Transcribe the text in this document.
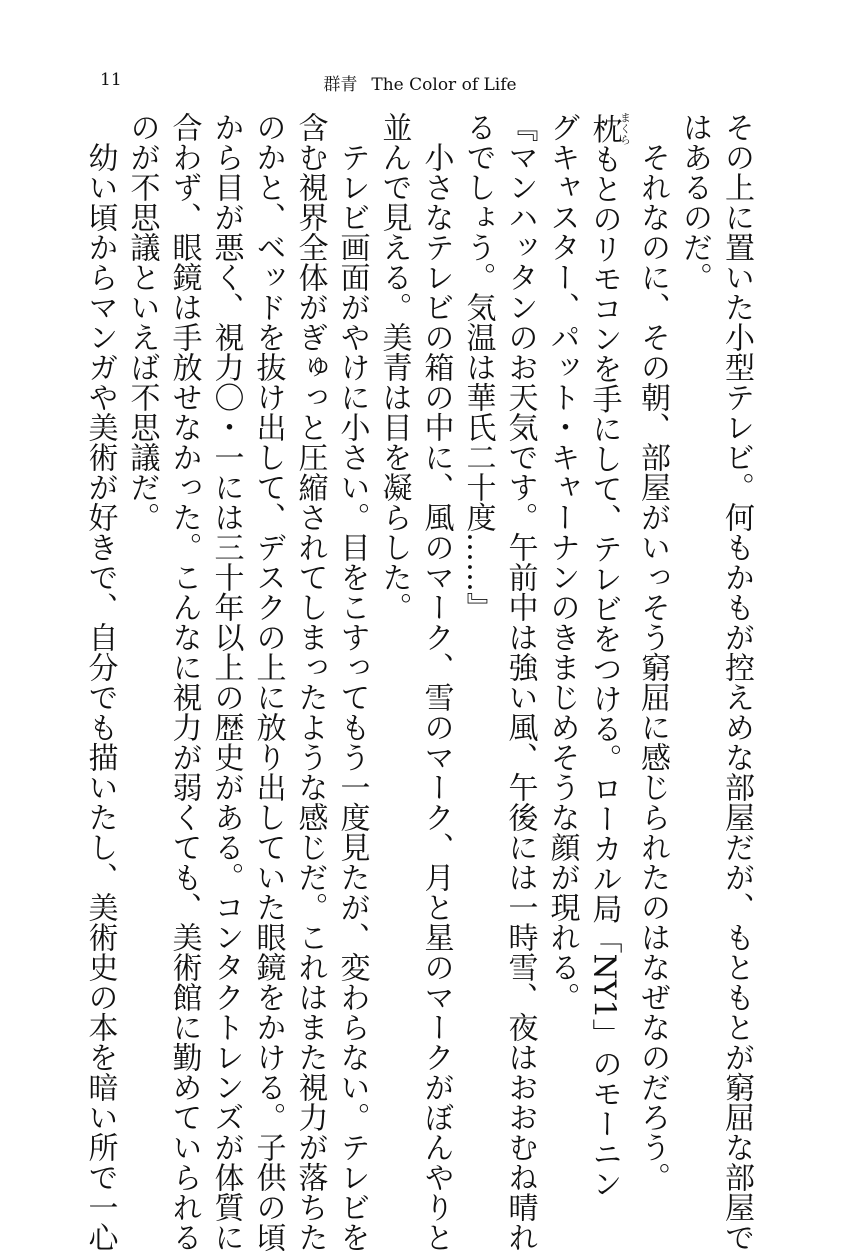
11	群青 The Color of Life
その上に置いた小型テレビ。何もかもが控えめな部屋だが、もともとが窮屈な部屋で
はあるのだ。
それなのに、その朝、部屋がいっそう窮屈に感じられたのはなぜなのだろう。
枕まくらもとのリモコンを手にして、テレビをつける。ローカル局「NY1」のモーニン
グキャスター、パット・キャーナンのきまじめそうな顔が現れる。
『マンハッタンのお天気です。午前中は強い風、午後には一時雪、夜はおおむね晴れ
るでしょう。気温は華氏二十度……』
小さなテレビの箱の中に、風のマーク、雪のマーク、月と星のマークがぼんやりと
並んで見える。美青は目を凝らした。
テレビ画面がやけに小さい。目をこすってもう一度見たが、変わらない。テレビを
含む視界全体がぎゅっと圧縮されてしまったような感じだ。これはまた視力が落ちた
のかと、ベッドを抜け出して、デスクの上に放り出していた眼鏡をかける。子供の頃
から目が悪く、視力〇・一には三十年以上の歴史がある。コンタクトレンズが体質に
合わず、眼鏡は手放せなかった。こんなに視力が弱くても、美術館に勤めていられる
のが不思議といえば不思議だ。
幼い頃からマンガや美術が好きで、自分でも描いたし、美術史の本を暗い所で一心
